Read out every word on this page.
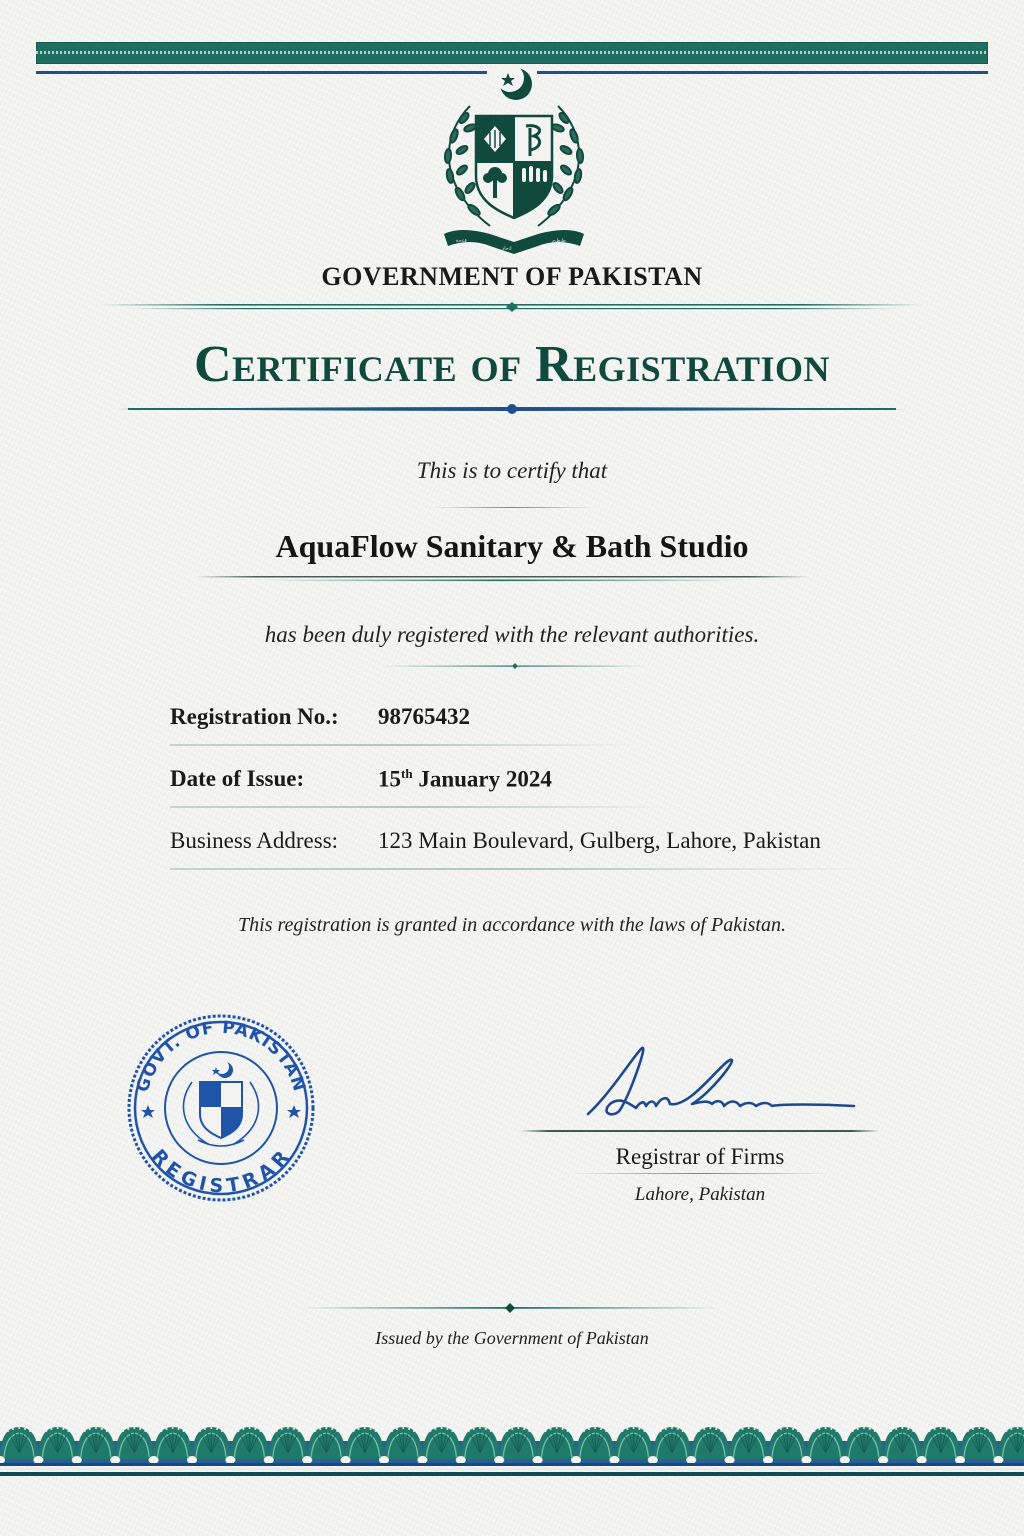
ﻗﻏﺟﺓ
ﺍﺗﺣﺎﺩ
ﻇﻧﻇﻳﻡ
GOVERNMENT OF PAKISTAN
Certificate of Registration
This is to certify that
AquaFlow Sanitary & Bath Studio
has been duly registered with the relevant authorities.
Registration No.:	98765432
Date of Issue:	15th January 2024
Business Address:	123 Main Boulevard, Gulberg, Lahore, Pakistan
This registration is granted in accordance with the laws of Pakistan.
GOVT. OF PAKISTAN
REGISTRAR	Registrar of Firms
Lahore, Pakistan
Issued by the Government of Pakistan
